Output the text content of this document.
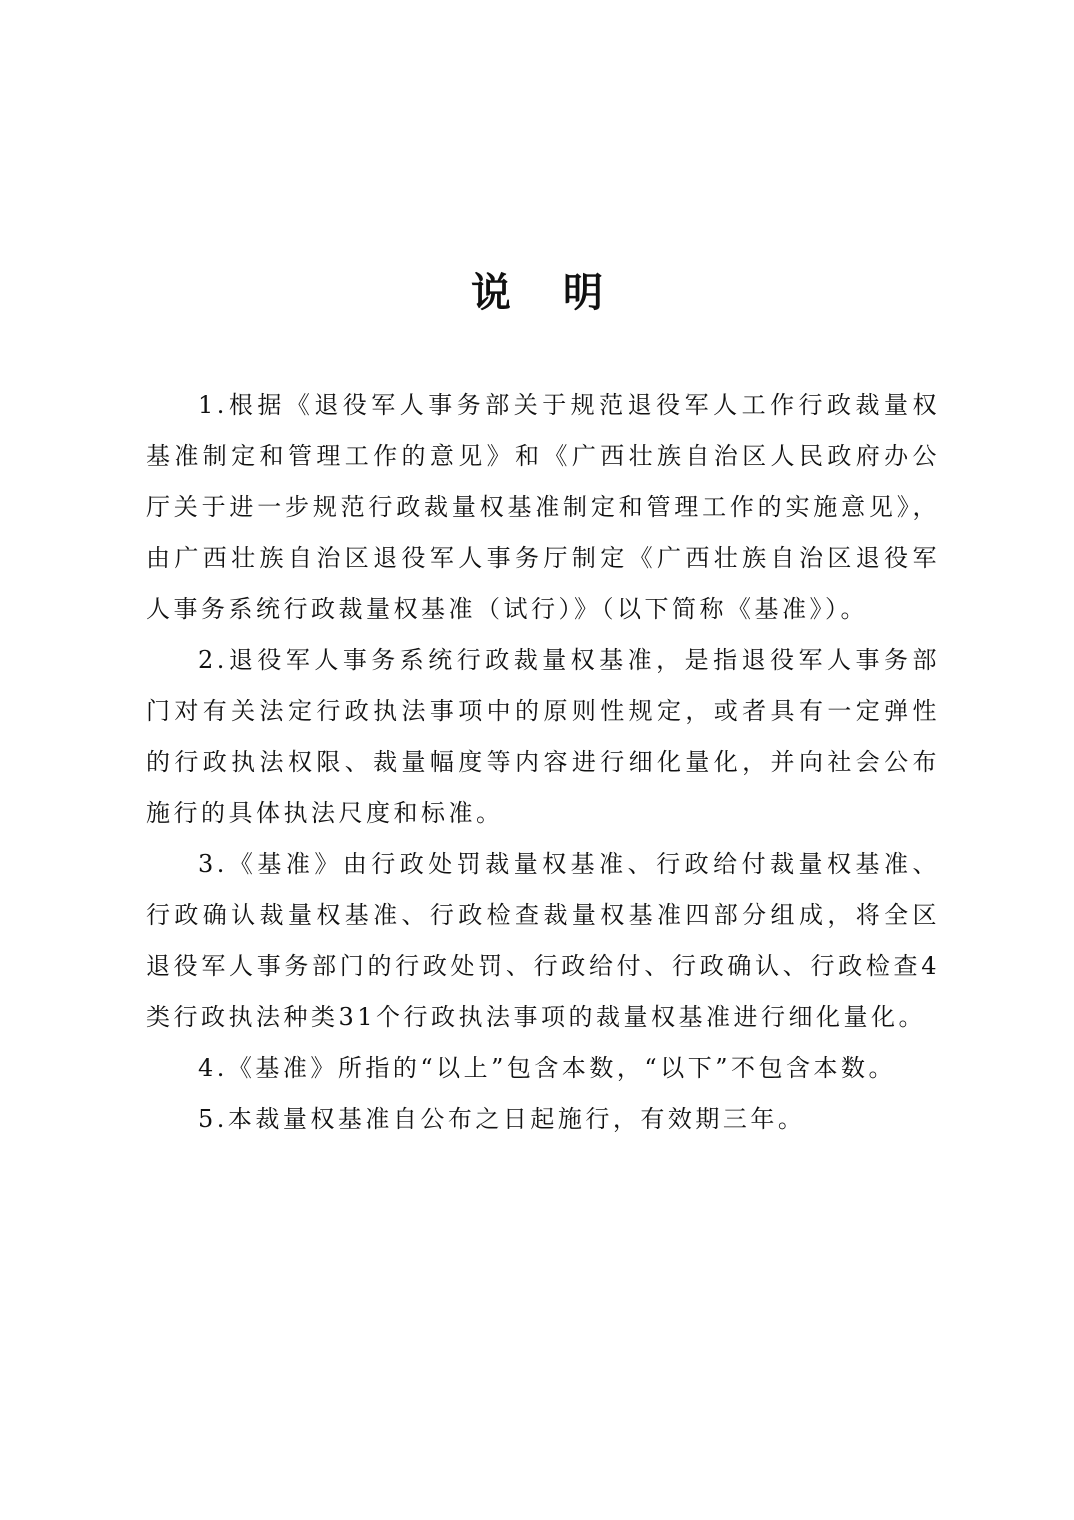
说明

1.根据《退役军人事务部关于规范退役军人工作行政裁量权基准制定和管理工作的意见》和《广西壮族自治区人民政府办公厅关于进一步规范行政裁量权基准制定和管理工作的实施意见》，由广西壮族自治区退役军人事务厅制定《广西壮族自治区退役军人事务系统行政裁量权基准（试行）》（以下简称《基准》）。

2.退役军人事务系统行政裁量权基准，是指退役军人事务部门对有关法定行政执法事项中的原则性规定，或者具有一定弹性的行政执法权限、裁量幅度等内容进行细化量化，并向社会公布施行的具体执法尺度和标准。

3.《基准》由行政处罚裁量权基准、行政给付裁量权基准、行政确认裁量权基准、行政检查裁量权基准四部分组成，将全区退役军人事务部门的行政处罚、行政给付、行政确认、行政检查4类行政执法种类31个行政执法事项的裁量权基准进行细化量化。

4.《基准》所指的“以上”包含本数，“以下”不包含本数。

5.本裁量权基准自公布之日起施行，有效期三年。
